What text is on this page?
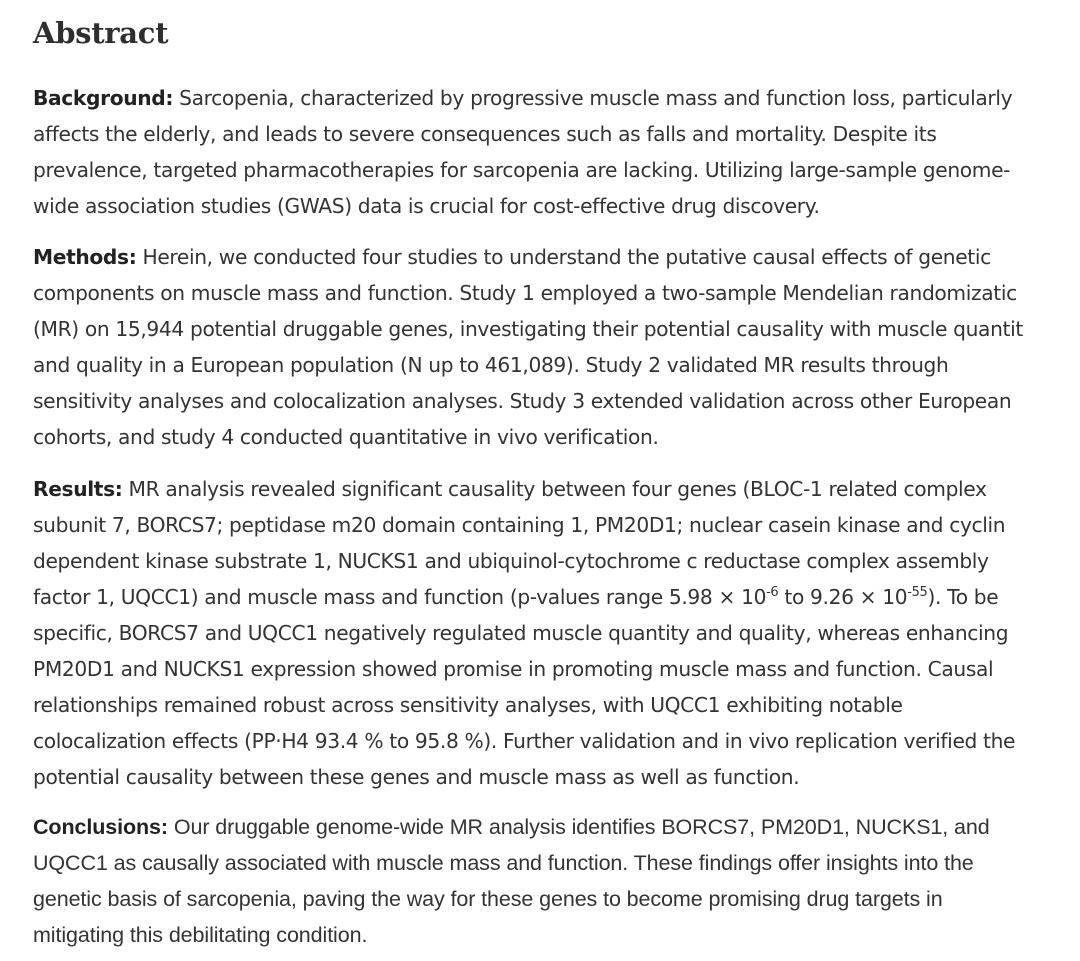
Abstract
Background: Sarcopenia, characterized by progressive muscle mass and function loss, particularly
affects the elderly, and leads to severe consequences such as falls and mortality. Despite its
prevalence, targeted pharmacotherapies for sarcopenia are lacking. Utilizing large-sample genome-
wide association studies (GWAS) data is crucial for cost-effective drug discovery.
Methods: Herein, we conducted four studies to understand the putative causal effects of genetic
components on muscle mass and function. Study 1 employed a two-sample Mendelian randomizatic
(MR) on 15,944 potential druggable genes, investigating their potential causality with muscle quantit
and quality in a European population (N up to 461,089). Study 2 validated MR results through
sensitivity analyses and colocalization analyses. Study 3 extended validation across other European
cohorts, and study 4 conducted quantitative in vivo verification.
Results: MR analysis revealed significant causality between four genes (BLOC-1 related complex
subunit 7, BORCS7; peptidase m20 domain containing 1, PM20D1; nuclear casein kinase and cyclin
dependent kinase substrate 1, NUCKS1 and ubiquinol-cytochrome c reductase complex assembly
factor 1, UQCC1) and muscle mass and function (p-values range $5.98 \times 10^{-6}$ to $9.26 \times 10^{-55}$). To be
specific, BORCS7 and UQCC1 negatively regulated muscle quantity and quality, whereas enhancing
PM20D1 and NUCKS1 expression showed promise in promoting muscle mass and function. Causal
relationships remained robust across sensitivity analyses, with UQCC1 exhibiting notable
colocalization effects (PP·H4 93.4 % to 95.8 %). Further validation and in vivo replication verified the
potential causality between these genes and muscle mass as well as function.
Conclusions: Our druggable genome-wide MR analysis identifies BORCS7, PM20D1, NUCKS1, and
UQCC1 as causally associated with muscle mass and function. These findings offer insights into the
genetic basis of sarcopenia, paving the way for these genes to become promising drug targets in
mitigating this debilitating condition.
